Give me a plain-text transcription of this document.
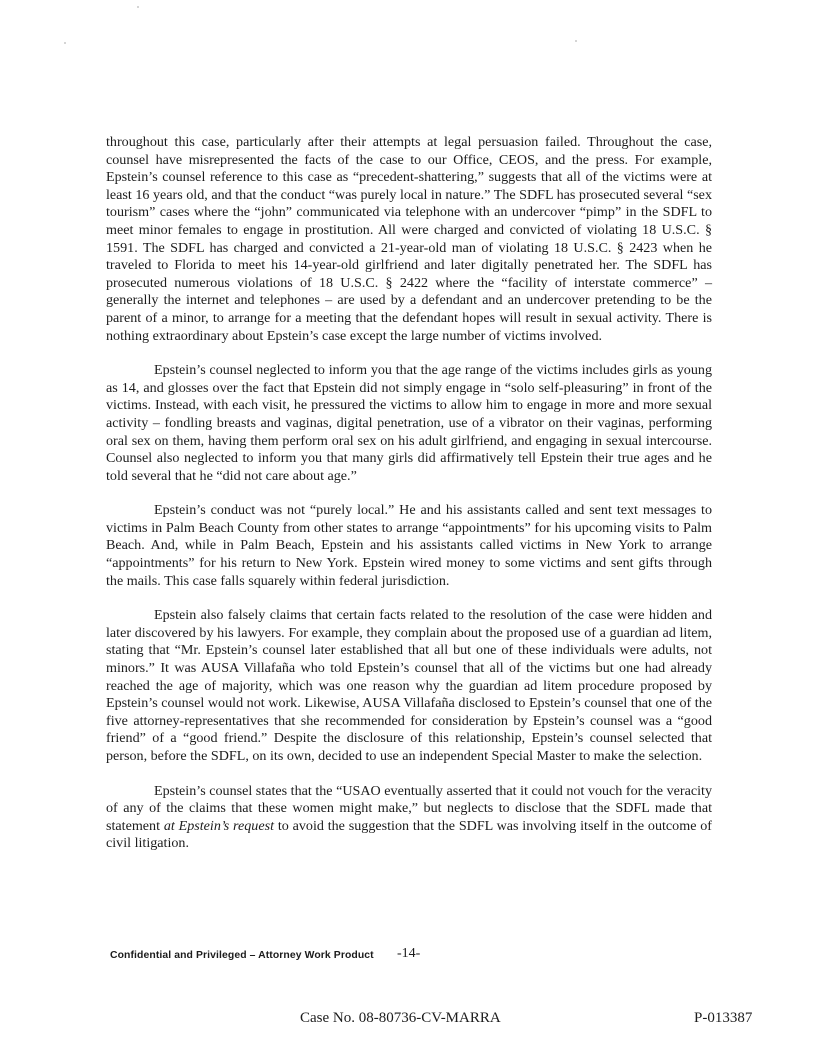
throughout this case, particularly after their attempts at legal persuasion failed. Throughout the case, counsel have misrepresented the facts of the case to our Office, CEOS, and the press. For example, Epstein’s counsel reference to this case as “precedent-shattering,” suggests that all of the victims were at least 16 years old, and that the conduct “was purely local in nature.” The SDFL has prosecuted several “sex tourism” cases where the “john” communicated via telephone with an undercover “pimp” in the SDFL to meet minor females to engage in prostitution. All were charged and convicted of violating 18 U.S.C. § 1591. The SDFL has charged and convicted a 21-year-old man of violating 18 U.S.C. § 2423 when he traveled to Florida to meet his 14-year-old girlfriend and later digitally penetrated her. The SDFL has prosecuted numerous violations of 18 U.S.C. § 2422 where the “facility of interstate commerce” – generally the internet and telephones – are used by a defendant and an undercover pretending to be the parent of a minor, to arrange for a meeting that the defendant hopes will result in sexual activity. There is nothing extraordinary about Epstein’s case except the large number of victims involved.

Epstein’s counsel neglected to inform you that the age range of the victims includes girls as young as 14, and glosses over the fact that Epstein did not simply engage in “solo self-pleasuring” in front of the victims. Instead, with each visit, he pressured the victims to allow him to engage in more and more sexual activity – fondling breasts and vaginas, digital penetration, use of a vibrator on their vaginas, performing oral sex on them, having them perform oral sex on his adult girlfriend, and engaging in sexual intercourse. Counsel also neglected to inform you that many girls did affirmatively tell Epstein their true ages and he told several that he “did not care about age.”

Epstein’s conduct was not “purely local.” He and his assistants called and sent text messages to victims in Palm Beach County from other states to arrange “appointments” for his upcoming visits to Palm Beach. And, while in Palm Beach, Epstein and his assistants called victims in New York to arrange “appointments” for his return to New York. Epstein wired money to some victims and sent gifts through the mails. This case falls squarely within federal jurisdiction.

Epstein also falsely claims that certain facts related to the resolution of the case were hidden and later discovered by his lawyers. For example, they complain about the proposed use of a guardian ad litem, stating that “Mr. Epstein’s counsel later established that all but one of these individuals were adults, not minors.” It was AUSA Villafaña who told Epstein’s counsel that all of the victims but one had already reached the age of majority, which was one reason why the guardian ad litem procedure proposed by Epstein’s counsel would not work. Likewise, AUSA Villafaña disclosed to Epstein’s counsel that one of the five attorney-representatives that she recommended for consideration by Epstein’s counsel was a “good friend” of a “good friend.” Despite the disclosure of this relationship, Epstein’s counsel selected that person, before the SDFL, on its own, decided to use an independent Special Master to make the selection.

Epstein’s counsel states that the “USAO eventually asserted that it could not vouch for the veracity of any of the claims that these women might make,” but neglects to disclose that the SDFL made that statement at Epstein’s request to avoid the suggestion that the SDFL was involving itself in the outcome of civil litigation.

Confidential and Privileged – Attorney Work Product -14-
Case No. 08-80736-CV-MARRA	P-013387
